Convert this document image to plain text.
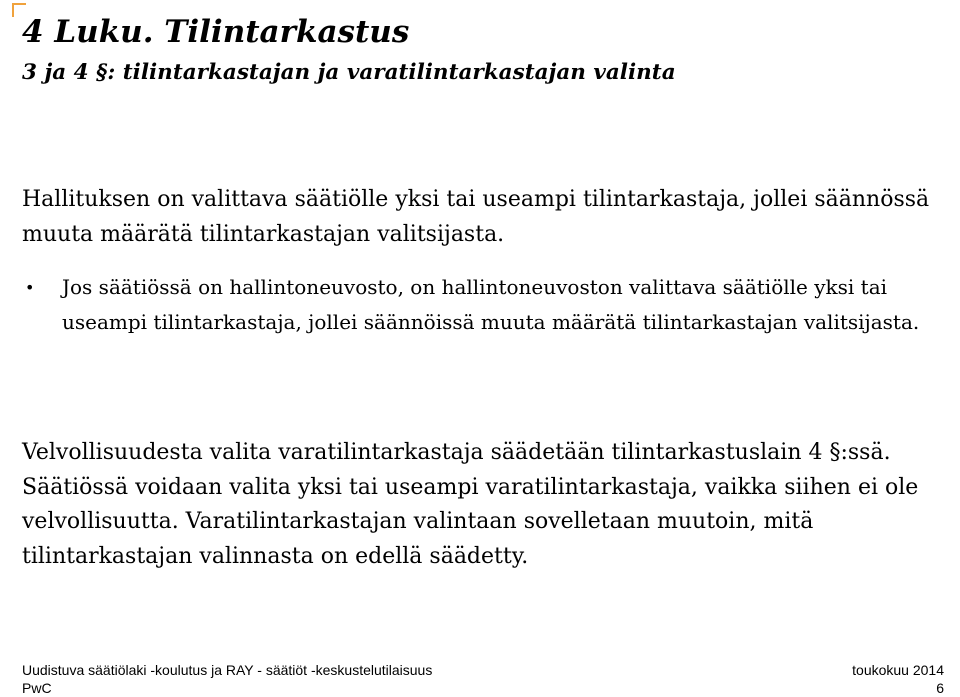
4 Luku. Tilintarkastus
3 ja 4 §: tilintarkastajan ja varatilintarkastajan valinta

Hallituksen on valittava säätiölle yksi tai useampi tilintarkastaja, jollei säännössä muuta määrätä tilintarkastajan valitsijasta.

• Jos säätiössä on hallintoneuvosto, on hallintoneuvoston valittava säätiölle yksi tai useampi tilintarkastaja, jollei säännöissä muuta määrätä tilintarkastajan valitsijasta.

Velvollisuudesta valita varatilintarkastaja säädetään tilintarkastuslain 4 §:ssä. Säätiössä voidaan valita yksi tai useampi varatilintarkastaja, vaikka siihen ei ole velvollisuutta. Varatilintarkastajan valintaan sovelletaan muutoin, mitä tilintarkastajan valinnasta on edellä säädetty.

Uudistuva säätiölaki -koulutus ja RAY - säätiöt -keskustelutilaisuus	toukokuu 2014
PwC	6
